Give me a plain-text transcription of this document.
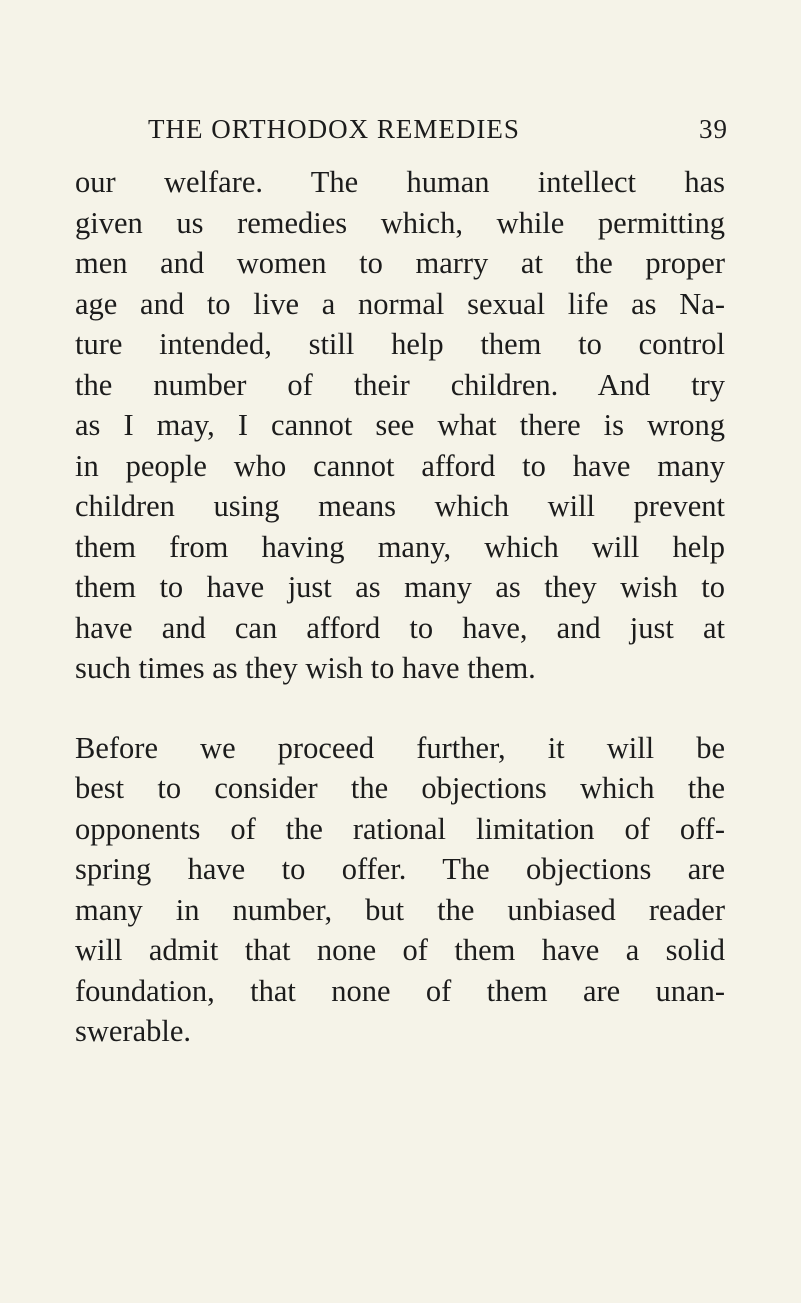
THE ORTHODOX REMEDIES	39
our welfare. The human intellect has
given us remedies which, while permitting
men and women to marry at the proper
age and to live a normal sexual life as Na-
ture intended, still help them to control
the number of their children. And try
as I may, I cannot see what there is wrong
in people who cannot afford to have many
children using means which will prevent
them from having many, which will help
them to have just as many as they wish to
have and can afford to have, and just at
such times as they wish to have them.
Before we proceed further, it will be
best to consider the objections which the
opponents of the rational limitation of off-
spring have to offer. The objections are
many in number, but the unbiased reader
will admit that none of them have a solid
foundation, that none of them are unan-
swerable.
